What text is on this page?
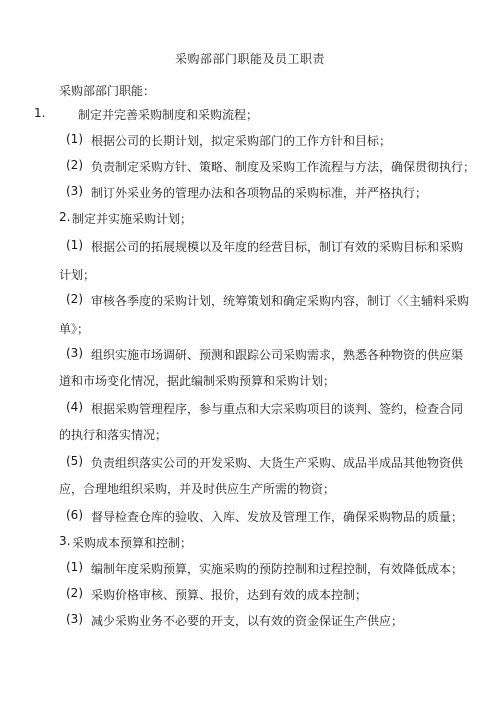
采购部部门职能及员工职责
采购部部门职能：
1.	制定并完善采购制度和采购流程；
(1) 根据公司的长期计划，拟定采购部门的工作方针和目标；
(2) 负责制定采购方针、策略、制度及采购工作流程与方法，确保贯彻执行；
(3) 制订外采业务的管理办法和各项物品的采购标准，并严格执行；
2. 制定并实施采购计划；
(1) 根据公司的拓展规模以及年度的经营目标，制订有效的采购目标和采购
计划；
(2) 审核各季度的采购计划，统筹策划和确定采购内容，制订〈〈主辅料采购
单》；
(3) 组织实施市场调研、预测和跟踪公司采购需求，熟悉各种物资的供应渠
道和市场变化情况，据此编制采购预算和采购计划；
(4) 根据采购管理程序，参与重点和大宗采购项目的谈判、签约，检查合同
的执行和落实情况；
(5) 负责组织落实公司的开发采购、大货生产采购、成品半成品其他物资供
应，合理地组织采购，并及时供应生产所需的物资；
(6) 督导检查仓库的验收、入库、发放及管理工作，确保采购物品的质量；
3. 采购成本预算和控制；
(1) 编制年度采购预算，实施采购的预防控制和过程控制，有效降低成本；
(2) 采购价格审核、预算、报价，达到有效的成本控制；
(3) 减少采购业务不必要的开支，以有效的资金保证生产供应；
